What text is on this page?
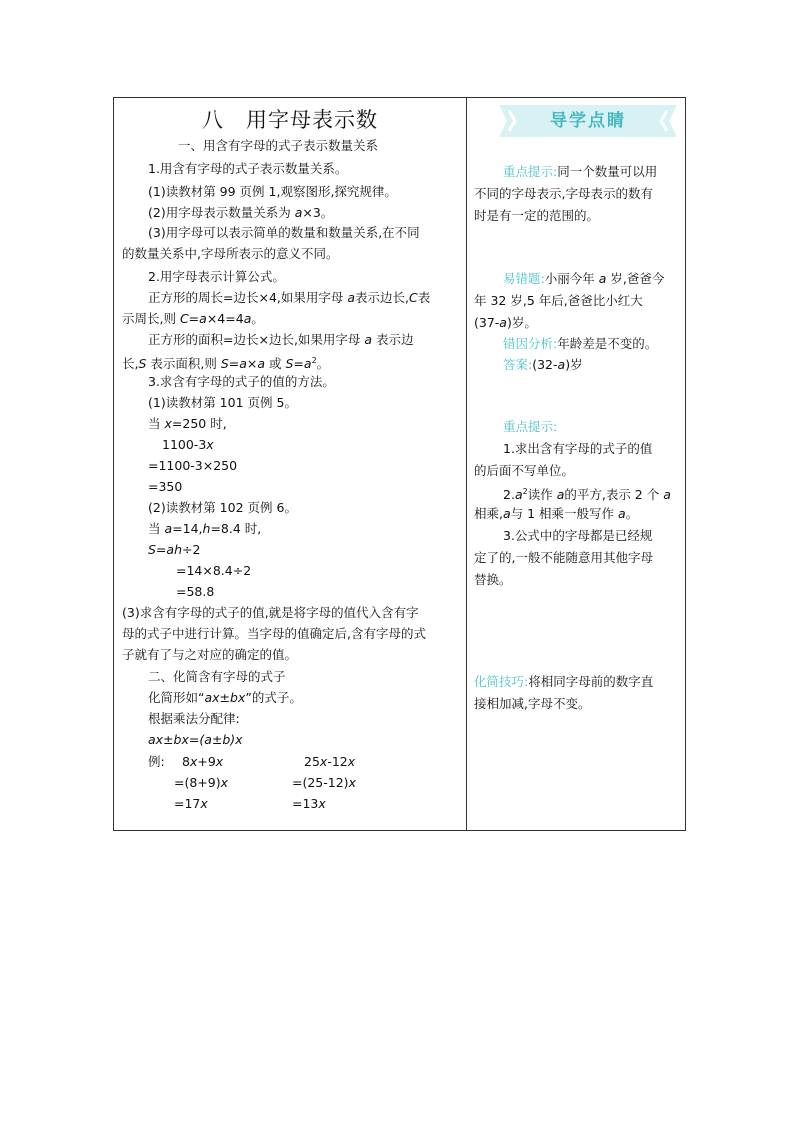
八　用字母表示数
一、用含有字母的式子表示数量关系
1.用含有字母的式子表示数量关系。
(1)读教材第 99 页例 1,观察图形,探究规律。
(2)用字母表示数量关系为 a×3。
(3)用字母可以表示简单的数量和数量关系,在不同
的数量关系中,字母所表示的意义不同。
2.用字母表示计算公式。
正方形的周长=边长×4,如果用字母 a表示边长,C表
示周长,则 C=a×4=4a。
正方形的面积=边长×边长,如果用字母 a 表示边
长,S 表示面积,则 S=a×a 或 $S=a^2$。
3.求含有字母的式子的值的方法。
(1)读教材第 101 页例 5。
当 x=250 时,
1100-3x
=1100-3×250
=350
(2)读教材第 102 页例 6。
当 a=14,h=8.4 时,
S=ah÷2
=14×8.4÷2
=58.8
(3)求含有字母的式子的值,就是将字母的值代入含有字
母的式子中进行计算。当字母的值确定后,含有字母的式
子就有了与之对应的确定的值。
二、化简含有字母的式子
化简形如“ax±bx”的式子。
根据乘法分配律:
ax±bx=(a±b)x
例: 8x+9x
=(8+9)x
=17x
25x-12x
=(25-12)x
=13x
导学点睛
重点提示:同一个数量可以用
不同的字母表示,字母表示的数有
时是有一定的范围的。
易错题:小丽今年 a 岁,爸爸今
年 32 岁,5 年后,爸爸比小红大
(37-a)岁。
错因分析:年龄差是不变的。
答案:(32-a)岁
重点提示:
1.求出含有字母的式子的值
的后面不写单位。
$2.a^2$读作 a的平方,表示 2 个 a
相乘,a与 1 相乘一般写作 a。
3.公式中的字母都是已经规
定了的,一般不能随意用其他字母
替换。
化简技巧:将相同字母前的数字直
接相加减,字母不变。
